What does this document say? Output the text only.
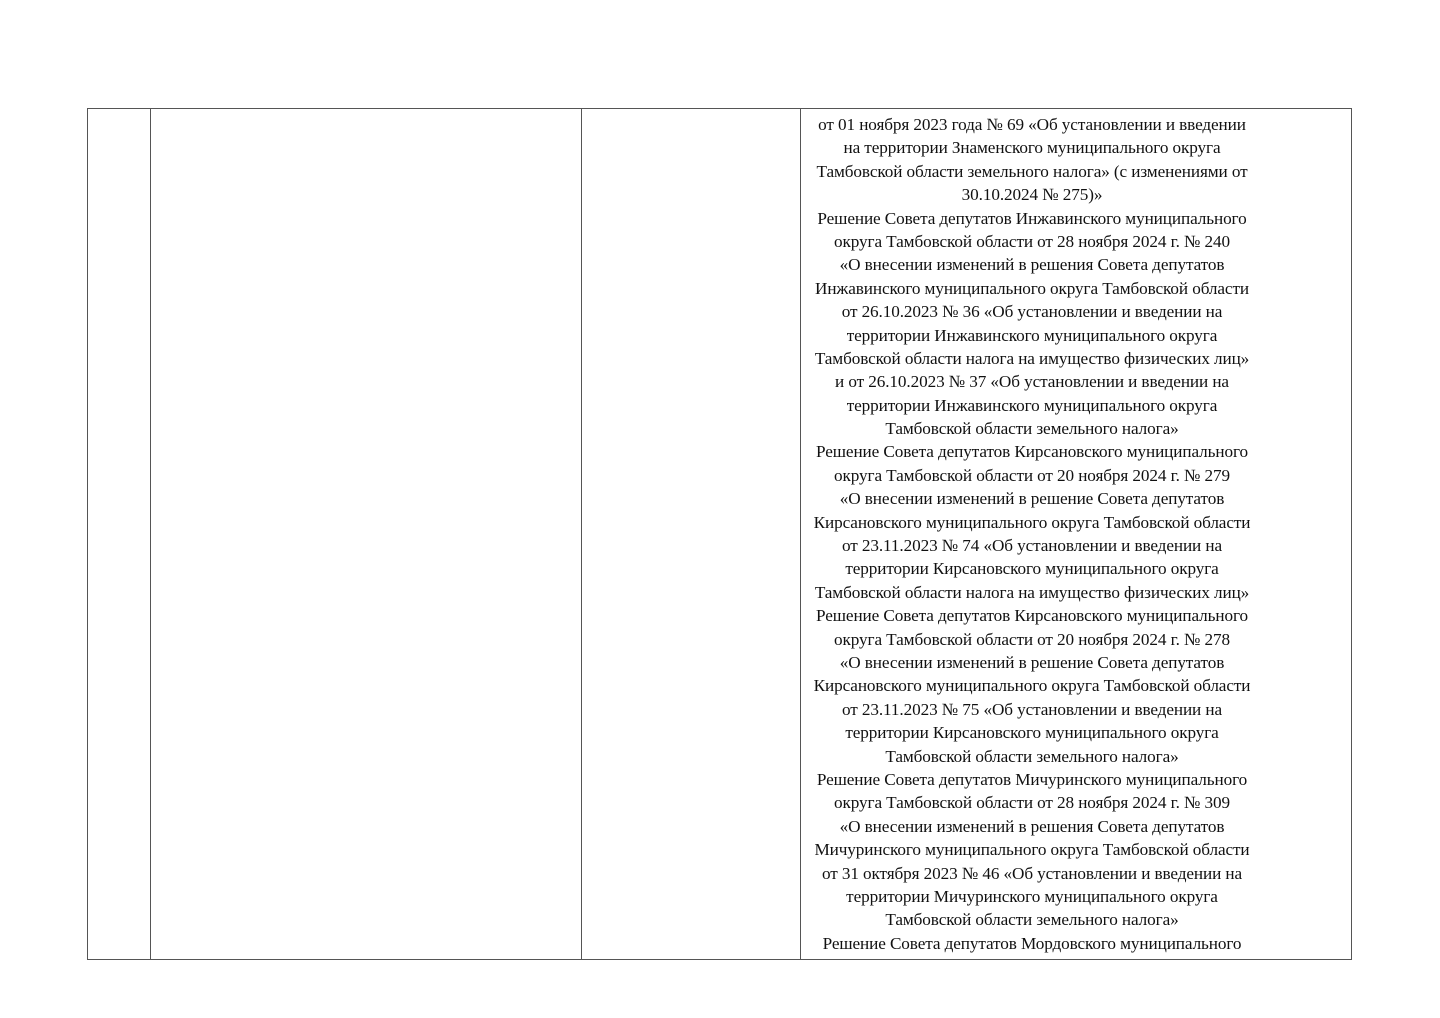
от 01 ноября 2023 года № 69 «Об установлении и введении
на территории Знаменского муниципального округа
Тамбовской области земельного налога» (с изменениями от
30.10.2024 № 275)»
Решение Совета депутатов Инжавинского муниципального
округа Тамбовской области от 28 ноября 2024 г. № 240
«О внесении изменений в решения Совета депутатов
Инжавинского муниципального округа Тамбовской области
от 26.10.2023 № 36 «Об установлении и введении на
территории Инжавинского муниципального округа
Тамбовской области налога на имущество физических лиц»
и от 26.10.2023 № 37 «Об установлении и введении на
территории Инжавинского муниципального округа
Тамбовской области земельного налога»
Решение Совета депутатов Кирсановского муниципального
округа Тамбовской области от 20 ноября 2024 г. № 279
«О внесении изменений в решение Совета депутатов
Кирсановского муниципального округа Тамбовской области
от 23.11.2023 № 74 «Об установлении и введении на
территории Кирсановского муниципального округа
Тамбовской области налога на имущество физических лиц»
Решение Совета депутатов Кирсановского муниципального
округа Тамбовской области от 20 ноября 2024 г. № 278
«О внесении изменений в решение Совета депутатов
Кирсановского муниципального округа Тамбовской области
от 23.11.2023 № 75 «Об установлении и введении на
территории Кирсановского муниципального округа
Тамбовской области земельного налога»
Решение Совета депутатов Мичуринского муниципального
округа Тамбовской области от 28 ноября 2024 г. № 309
«О внесении изменений в решения Совета депутатов
Мичуринского муниципального округа Тамбовской области
от 31 октября 2023 № 46 «Об установлении и введении на
территории Мичуринского муниципального округа
Тамбовской области земельного налога»
Решение Совета депутатов Мордовского муниципального
